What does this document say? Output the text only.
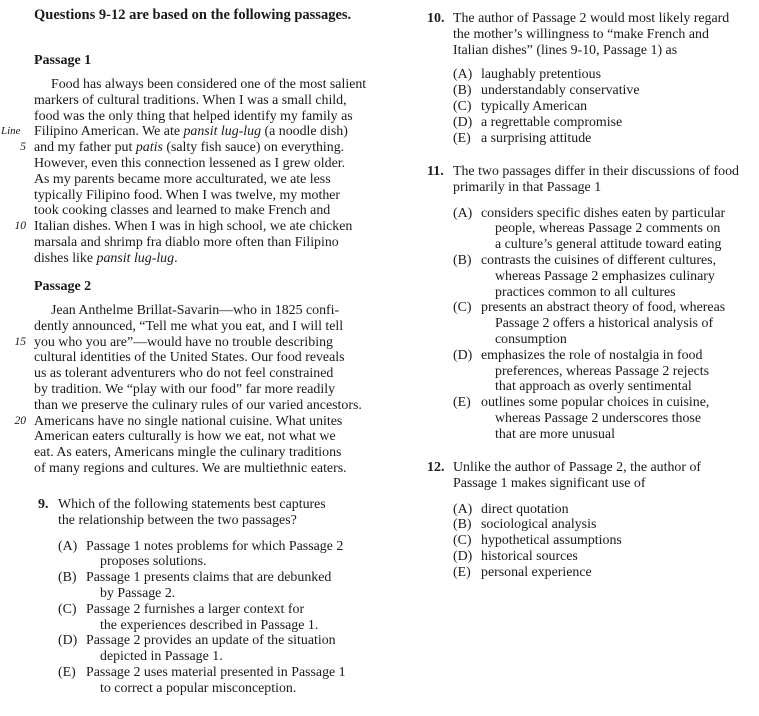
Questions 9-12 are based on the following passages.
Passage 1
Food has always been considered one of the most salient
markers of cultural traditions. When I was a small child,
food was the only thing that helped identify my family as
Line Filipino American. We ate pansit lug-lug (a noodle dish)
5 and my father put patis (salty fish sauce) on everything.
However, even this connection lessened as I grew older.
As my parents became more acculturated, we ate less
typically Filipino food. When I was twelve, my mother
took cooking classes and learned to make French and
10 Italian dishes. When I was in high school, we ate chicken
marsala and shrimp fra diablo more often than Filipino
dishes like pansit lug-lug.
Passage 2
Jean Anthelme Brillat-Savarin—who in 1825 confi-
dently announced, “Tell me what you eat, and I will tell
15 you who you are”—would have no trouble describing
cultural identities of the United States. Our food reveals
us as tolerant adventurers who do not feel constrained
by tradition. We “play with our food” far more readily
than we preserve the culinary rules of our varied ancestors.
20 Americans have no single national cuisine. What unites
American eaters culturally is how we eat, not what we
eat. As eaters, Americans mingle the culinary traditions
of many regions and cultures. We are multiethnic eaters.
9. Which of the following statements best captures
the relationship between the two passages?
(A) Passage 1 notes problems for which Passage 2
proposes solutions.
(B) Passage 1 presents claims that are debunked
by Passage 2.
(C) Passage 2 furnishes a larger context for
the experiences described in Passage 1.
(D) Passage 2 provides an update of the situation
depicted in Passage 1.
(E) Passage 2 uses material presented in Passage 1
to correct a popular misconception.
10. The author of Passage 2 would most likely regard
the mother’s willingness to “make French and
Italian dishes” (lines 9-10, Passage 1) as
(A) laughably pretentious
(B) understandably conservative
(C) typically American
(D) a regrettable compromise
(E) a surprising attitude
11. The two passages differ in their discussions of food
primarily in that Passage 1
(A) considers specific dishes eaten by particular
people, whereas Passage 2 comments on
a culture’s general attitude toward eating
(B) contrasts the cuisines of different cultures,
whereas Passage 2 emphasizes culinary
practices common to all cultures
(C) presents an abstract theory of food, whereas
Passage 2 offers a historical analysis of
consumption
(D) emphasizes the role of nostalgia in food
preferences, whereas Passage 2 rejects
that approach as overly sentimental
(E) outlines some popular choices in cuisine,
whereas Passage 2 underscores those
that are more unusual
12. Unlike the author of Passage 2, the author of
Passage 1 makes significant use of
(A) direct quotation
(B) sociological analysis
(C) hypothetical assumptions
(D) historical sources
(E) personal experience
